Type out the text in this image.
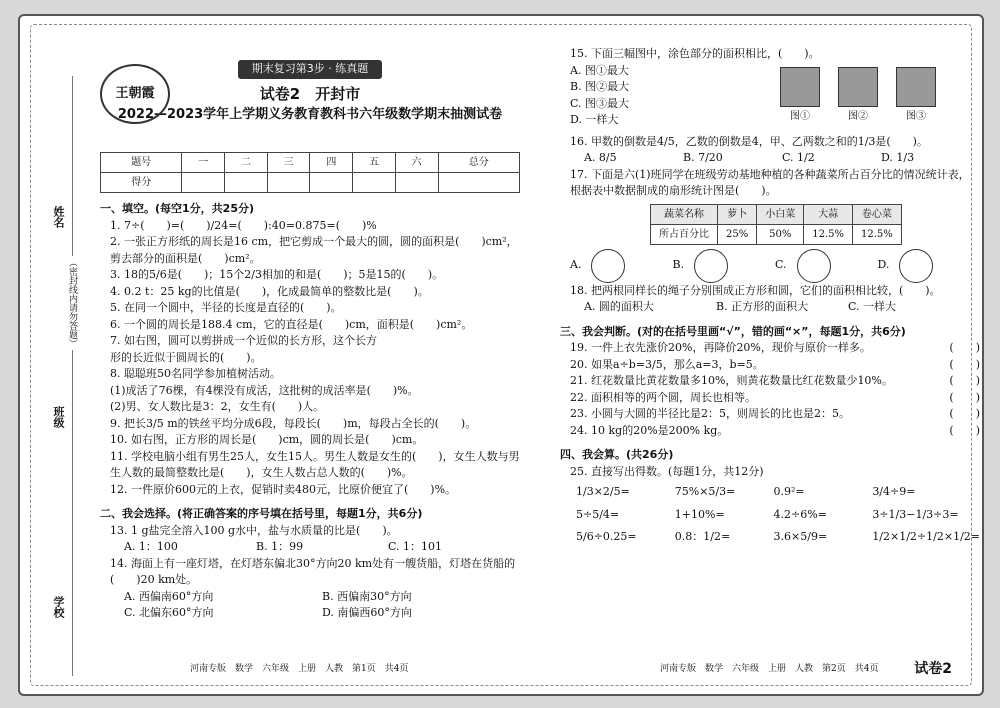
姓名
（密封线内请勿答题）
班级
学校
王朝霞
期末复习第3步 · 练真题
试卷2　开封市
2022—2023学年上学期义务教育教科书六年级数学期末抽测试卷
题号	一	二	三	四	五	六	总分
得分							
一、填空。(每空1分，共25分)
1. 7÷(　　)=(　　)/24=(　　):40=0.875=(　　)%
2. 一张正方形纸的周长是16 cm，把它剪成一个最大的圆，圆的面积是(　　)cm²，剪去部分的面积是(　　)cm²。
3. 18的5/6是(　　)；15个2/3相加的和是(　　)；5是15的(　　)。
4. 0.2 t：25 kg的比值是(　　)，化成最简单的整数比是(　　)。
5. 在同一个圆中，半径的长度是直径的(　　)。
6. 一个圆的周长是188.4 cm，它的直径是(　　)cm，面积是(　　)cm²。
7. 如右图，圆可以剪拼成一个近似的长方形，这个长方形的长近似于圆周长的(　　)。
8. 聪聪班50名同学参加植树活动。
(1)成活了76棵，有4棵没有成活，这批树的成活率是(　　)%。
(2)男、女人数比是3：2，女生有(　　)人。
9. 把长3/5 m的铁丝平均分成6段，每段长(　　)m，每段占全长的(　　)。
10. 如右图，正方形的周长是(　　)cm，圆的周长是(　　)cm。
11. 学校电脑小组有男生25人，女生15人。男生人数是女生的(　　)，女生人数与男生人数的最简整数比是(　　)，女生人数占总人数的(　　)%。
12. 一件原价600元的上衣，促销时卖480元，比原价便宜了(　　)%。
二、我会选择。(将正确答案的序号填在括号里，每题1分，共6分)
13. 1 g盐完全溶入100 g水中，盐与水质量的比是(　　)。
A. 1：100	B. 1：99	C. 1：101
14. 海面上有一座灯塔，在灯塔东偏北30°方向20 km处有一艘货船，灯塔在货船的(　　)20 km处。
A. 西偏南60°方向	B. 西偏南30°方向
C. 北偏东60°方向	D. 南偏西60°方向
15. 下面三幅图中，涂色部分的面积相比，(　　)。
A. 图①最大
B. 图②最大
C. 图③最大
D. 一样大	图①	图②	图③
16. 甲数的倒数是4/5，乙数的倒数是4，甲、乙两数之和的1/3是(　　)。
A. 8/5	B. 7/20	C. 1/2	D. 1/3
17. 下面是六(1)班同学在班级劳动基地种植的各种蔬菜所占百分比的情况统计表，根据表中数据制成的扇形统计图是(　　)。
蔬菜名称	萝卜	小白菜	大蒜	卷心菜
所占百分比	25%	50%	12.5%	12.5%
A.	B.	C.	D.
18. 把两根同样长的绳子分别围成正方形和圆，它们的面积相比较，(　　)。
A. 圆的面积大	B. 正方形的面积大	C. 一样大
三、我会判断。(对的在括号里画“√”，错的画“×”，每题1分，共6分)
19. 一件上衣先涨价20%，再降价20%，现价与原价一样多。	(　　)
20. 如果a÷b=3/5，那么a=3，b=5。	(　　)
21. 红花数量比黄花数量多10%，则黄花数量比红花数量少10%。	(　　)
22. 面积相等的两个圆，周长也相等。	(　　)
23. 小圆与大圆的半径比是2：5，则周长的比也是2：5。	(　　)
24. 10 kg的20%是200% kg。	(　　)
四、我会算。(共26分)
25. 直接写出得数。(每题1分，共12分)
1/3×2/5=	75%×5/3=	0.9²=	3/4÷9=
5÷5/4=	1+10%=	4.2÷6%=	3÷1/3−1/3÷3=
5/6÷0.25=	0.8：1/2=	3.6×5/9=	1/2×1/2÷1/2×1/2=
河南专版　数学　六年级　上册　人教　第1页　共4页	河南专版　数学　六年级　上册　人教　第2页　共4页	试卷2
